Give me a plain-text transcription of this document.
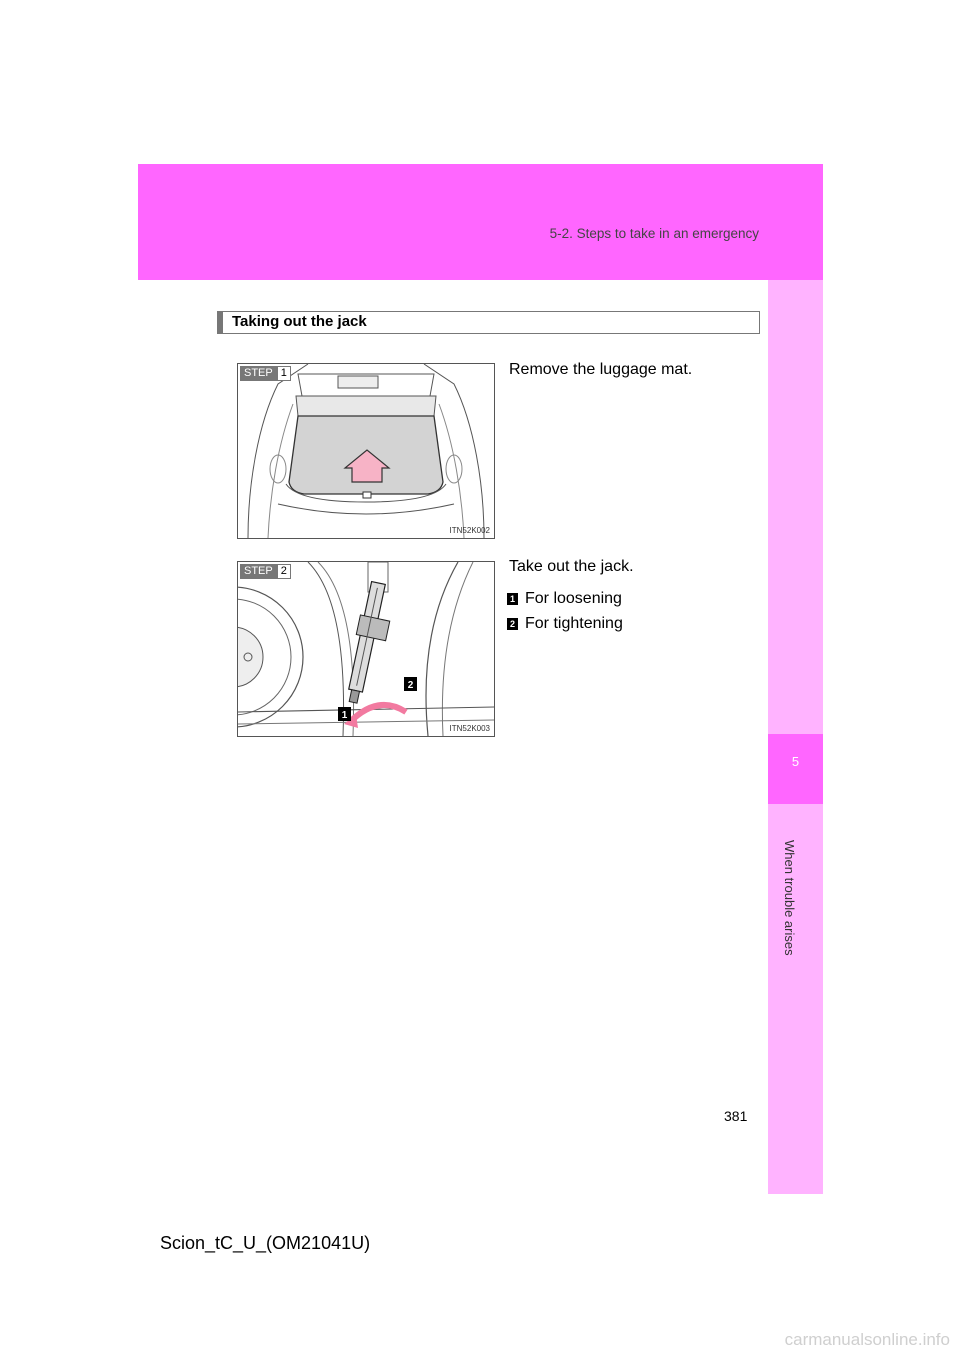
5-2. Steps to take in an emergency
5
When trouble arises
Taking out the jack
STEP 1
ITN52K002
Remove the luggage mat.
1
2
STEP 2
ITN52K003
Take out the jack.
1 For loosening
2 For tightening
381
Scion_tC_U_(OM21041U)
carmanualsonline.info
